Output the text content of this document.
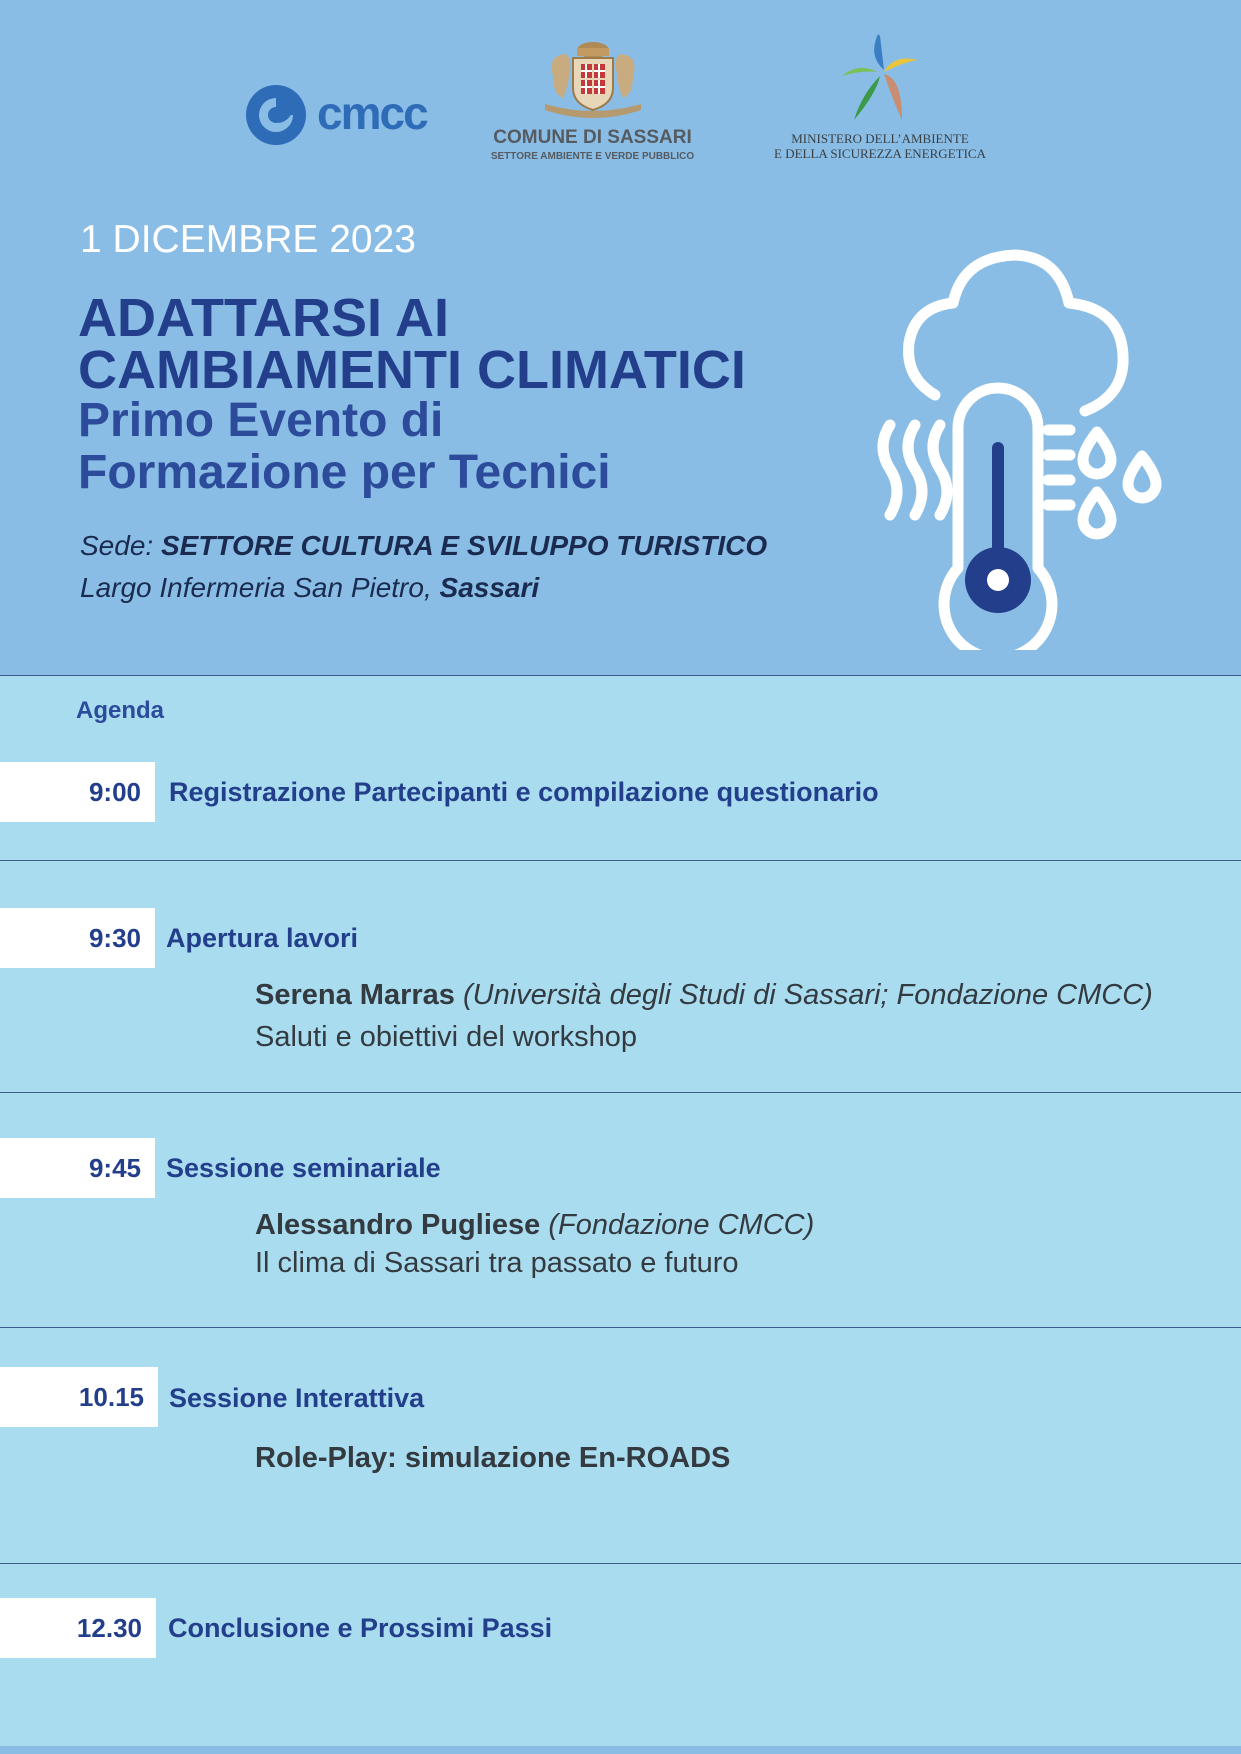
cmcc	COMUNE DI SASSARI
SETTORE AMBIENTE E VERDE PUBBLICO
MINISTERO DELL’AMBIENTE
E DELLA SICUREZZA ENERGETICA
1 DICEMBRE 2023
ADATTARSI AI
CAMBIAMENTI CLIMATICI
Primo Evento di
Formazione per Tecnici
Sede: SETTORE CULTURA E SVILUPPO TURISTICO
Largo Infermeria San Pietro, Sassari
Agenda
9:00	Registrazione Partecipanti e compilazione questionario
9:30 Apertura lavori
Serena Marras (Università degli Studi di Sassari; Fondazione CMCC)
Saluti e obiettivi del workshop
9:45 Sessione seminariale
Alessandro Pugliese (Fondazione CMCC)
Il clima di Sassari tra passato e futuro
10.15 Sessione Interattiva
Role-Play: simulazione En-ROADS
12.30 Conclusione e Prossimi Passi
